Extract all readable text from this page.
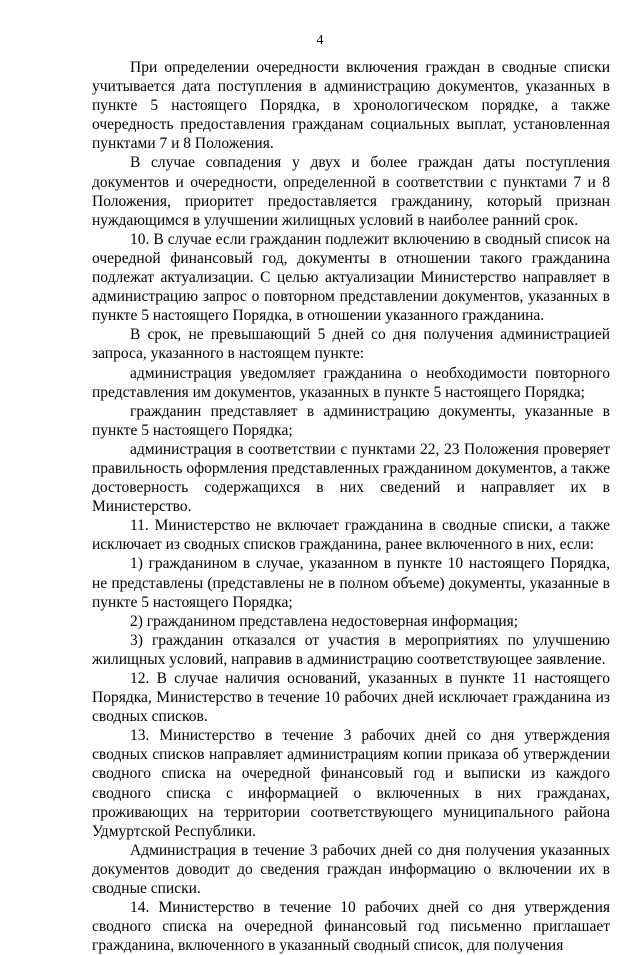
4

При определении очередности включения граждан в сводные списки учитывается дата поступления в администрацию документов, указанных в пункте 5 настоящего Порядка, в хронологическом порядке, а также очередность предоставления гражданам социальных выплат, установленная пунктами 7 и 8 Положения.

В случае совпадения у двух и более граждан даты поступления документов и очередности, определенной в соответствии с пунктами 7 и 8 Положения, приоритет предоставляется гражданину, который признан нуждающимся в улучшении жилищных условий в наиболее ранний срок.

10. В случае если гражданин подлежит включению в сводный список на очередной финансовый год, документы в отношении такого гражданина подлежат актуализации. С целью актуализации Министерство направляет в администрацию запрос о повторном представлении документов, указанных в пункте 5 настоящего Порядка, в отношении указанного гражданина.

В срок, не превышающий 5 дней со дня получения администрацией запроса, указанного в настоящем пункте:

администрация уведомляет гражданина о необходимости повторного представления им документов, указанных в пункте 5 настоящего Порядка;

гражданин представляет в администрацию документы, указанные в пункте 5 настоящего Порядка;

администрация в соответствии с пунктами 22, 23 Положения проверяет правильность оформления представленных гражданином документов, а также достоверность содержащихся в них сведений и направляет их в Министерство.

11. Министерство не включает гражданина в сводные списки, а также исключает из сводных списков гражданина, ранее включенного в них, если:

1) гражданином в случае, указанном в пункте 10 настоящего Порядка, не представлены (представлены не в полном объеме) документы, указанные в пункте 5 настоящего Порядка;

2) гражданином представлена недостоверная информация;

3) гражданин отказался от участия в мероприятиях по улучшению жилищных условий, направив в администрацию соответствующее заявление.

12. В случае наличия оснований, указанных в пункте 11 настоящего Порядка, Министерство в течение 10 рабочих дней исключает гражданина из сводных списков.

13. Министерство в течение 3 рабочих дней со дня утверждения сводных списков направляет администрациям копии приказа об утверждении сводного списка на очередной финансовый год и выписки из каждого сводного списка с информацией о включенных в них гражданах, проживающих на территории соответствующего муниципального района Удмуртской Республики.

Администрация в течение 3 рабочих дней со дня получения указанных документов доводит до сведения граждан информацию о включении их в сводные списки.

14. Министерство в течение 10 рабочих дней со дня утверждения сводного списка на очередной финансовый год письменно приглашает гражданина, включенного в указанный сводный список, для получения
